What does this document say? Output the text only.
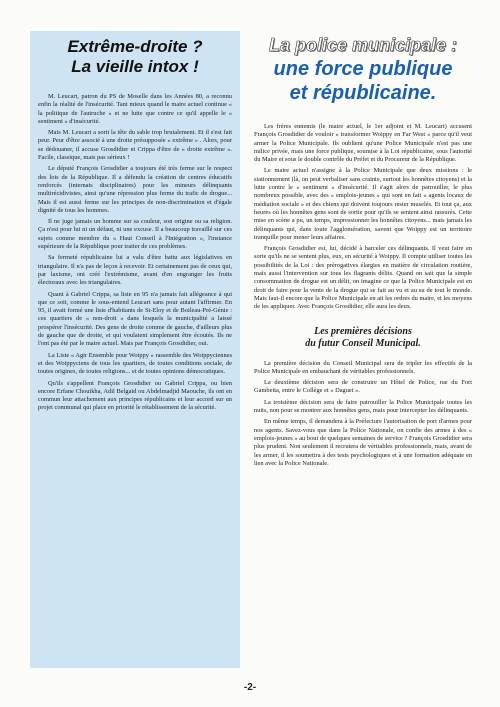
Extrême-droite ?
La vieille intox !

M. Leucart, patron du PS de Moselle dans les Années 80, a reconnu enfin la réalité de l'insécurité. Tant mieux quand le maire actuel continue « la politique de l'autruche » et ne lutte que contre ce qu'il appelle le « sentiment » d'insécurité.

Mais M. Leucart a sorti la tête du sable trop brutalement. Et il s'est fait peur. Peur d'être associé à une droite présupposée « extrême » . Alors, pour se dédouaner, il accuse Grosdidier et Crippa d'être de « droite extrême ». Facile, classique, mais pas sérieux !

Le député François Grosdidier a toujours été très ferme sur le respect des lois de la République. Il a défendu la création de centres éducatifs renforcés (internats disciplinaires) pour les mineurs délinquants multirécidivistes, ainsi qu'une répression plus ferme du trafic de drogue... Mais il est aussi ferme sur les principes de non-discrimination et d'égale dignité de tous les hommes.

Il ne juge jamais un homme sur sa couleur, son origine ou sa religion. Ça n'est pour lui ni un défaut, ni une excuse. Il a beaucoup travaillé sur ces sujets comme membre du « Haut Conseil à l'Intégration », l'instance supérieure de la République pour traiter de ces problèmes.

Sa fermeté républicaine lui a valu d'être battu aux législatives en triangulaire. Il n'a pas de leçon à recevoir. Et certainement pas de ceux qui, par laxisme, ont créé l'extrémisme, avant d'en engranger les fruits électoraux avec les triangulaires.

Quant à Gabriel Crippa, sa liste en 95 n'a jamais fait allégeance à qui que ce soit, comme le sous-entend Leucart sans pour autant l'affirmer. En 95, il avait formé une liste d'habitants de St-Eloy et de Boileau-Pré-Génie : ces quartiers de « non-droit » dans lesquels la municipalité a laissé prospérer l'insécurité. Des gens de droite comme de gauche, d'ailleurs plus de gauche que de droite, et qui voulaient simplement être écoutés. Ils ne l'ont pas été par le maire actuel. Mais par François Grosdidier, oui.

La Liste « Agir Ensemble pour Woippy » rassemble des Woippyciennes et des Woippyciens de tous les quartiers, de toutes conditions sociale, de toutes origines, de toutes religions... et de toutes opinions démocratiques.

Qu'ils s'appellent François Grosdidier ou Gabriel Crippa, ou bien encore Erfane Chouikha, Adil Belgaïd ou Abdelmadjid Maouche, ils ont en commun leur attachement aux principes républicains et leur accord sur un projet communal qui place en priorité le rétablissement de la sécurité.

La police municipale :
une force publique
et républicaine.

Les frères ennemis (le maire actuel, le 1er adjoint et M. Leucart) accusent François Grosdidier de vouloir « transformer Woippy en Far West » parce qu'il veut armer la Police Municipale. Ils oublient qu'une Police Municipale n'est pas une milice privée, mais une force publique, soumise à la Loi républicaine, sous l'autorité du Maire et sous le double contrôle du Préfet et du Procureur de la République.

Le maire actuel n'assigne à la Police Municipale que deux missions : le stationnement (là, on peut verbaliser sans crainte, surtout les honnêtes citoyens) et la lutte contre le « sentiment » d'insécurité. Il s'agit alors de patrouiller, le plus nombreux possible, avec des « emplois-jeunes » qui sont en fait « agents locaux de médiation sociale » et des chiens qui doivent toujours rester muselés. Et tout ça, aux heures où les honnêtes gens sont de sortie pour qu'ils se sentent ainsi rassurés. Cette mise en scène a pu, un temps, impressionner les honnêtes citoyens... mais jamais les délinquants qui, dans toute l'agglomération, savent que Woippy est un territoire tranquille pour mener leurs affaires.

François Grosdidier est, lui, décidé à harceler ces délinquants. Il veut faire en sorte qu'ils ne se sentent plus, eux, en sécurité à Woippy. Il compte utiliser toutes les possibilités de la Loi : des prérogatives élargies en matière de circulation routière, mais aussi l'intervention sur tous les flagrants délits. Quand on sait que la simple consommation de drogue est un délit, on imagine ce que la Police Municipale est en droit de faire pour la vente de la drogue qui se fait au vu et au su de tout le monde. Mais faut-il encore que la Police Municipale en ait les ordres du maire, et les moyens de les appliquer. Avec François Grosdidier, elle aura les deux.

Les premières décisions
du futur Conseil Municipal.

La première décision du Conseil Municipal sera de tripler les effectifs de la Police Municipale en embauchant de véritables professionnels.

La deuxième décision sera de construire un Hôtel de Police, rue du Fort Gambetta, entre le Collège et « Daguet ».

La troisième décision sera de faire patrouiller la Police Municipale toutes les nuits, non pour se montrer aux honnêtes gens, mais pour intercepter les délinquants.

En même temps, il demandera à la Préfecture l'autorisation de port d'armes pour nos agents. Savez-vous que dans la Police Nationale, on confie des armes à des « emplois-jeunes » au bout de quelques semaines de service ? François Grosdidier sera plus prudent. Non seulement il recrutera de véritables professionnels, mais, avant de les armer, il les soumettra à des tests psychologiques et à une formation adéquate en lien avec la Police Nationale.

-2-
